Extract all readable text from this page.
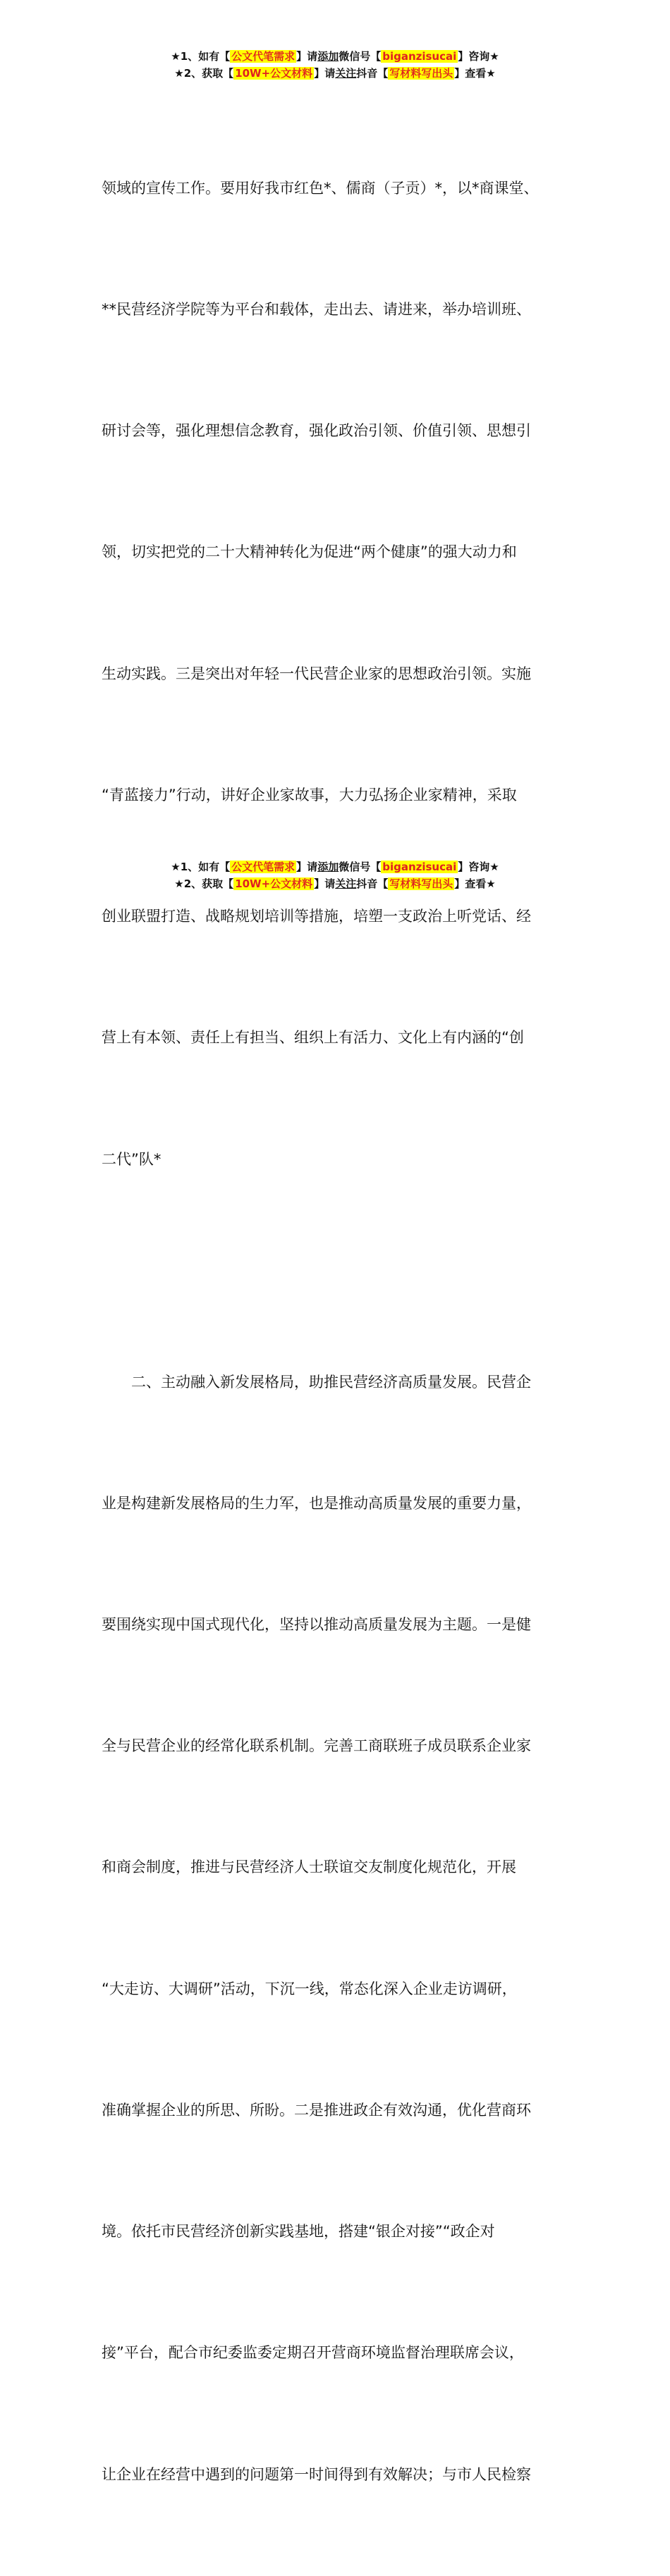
★1、如有【 公文代笔需求 】请添加微信号【 biganzisucai 】咨询★
★2、获取【 10W+公文材料 】请关注抖音【 写材料写出头 】查看★

领域的宣传工作。要用好我市红色*、儒商（子贡）*，以*商课堂、

**民营经济学院等为平台和载体，走出去、请进来，举办培训班、

研讨会等，强化理想信念教育，强化政治引领、价值引领、思想引

领，切实把党的二十大精神转化为促进“两个健康”的强大动力和

生动实践。三是突出对年轻一代民营企业家的思想政治引领。实施

“青蓝接力”行动，讲好企业家故事，大力弘扬企业家精神，采取

创业联盟打造、战略规划培训等措施，培塑一支政治上听党话、经

营上有本领、责任上有担当、组织上有活力、文化上有内涵的“创

二代”队*

　　二、主动融入新发展格局，助推民营经济高质量发展。民营企

业是构建新发展格局的生力军，也是推动高质量发展的重要力量，

要围绕实现中国式现代化，坚持以推动高质量发展为主题。一是健

全与民营企业的经常化联系机制。完善工商联班子成员联系企业家

和商会制度，推进与民营经济人士联谊交友制度化规范化，开展

“大走访、大调研”活动，下沉一线，常态化深入企业走访调研，

准确掌握企业的所思、所盼。二是推进政企有效沟通，优化营商环

境。依托市民营经济创新实践基地，搭建“银企对接”“政企对

接”平台，配合市纪委监委定期召开营商环境监督治理联席会议，

让企业在经营中遇到的问题第一时间得到有效解决；与市人民检察

★1、如有【 公文代笔需求 】请添加微信号【 biganzisucai 】咨询★
★2、获取【 10W+公文材料 】请关注抖音【 写材料写出头 】查看★
